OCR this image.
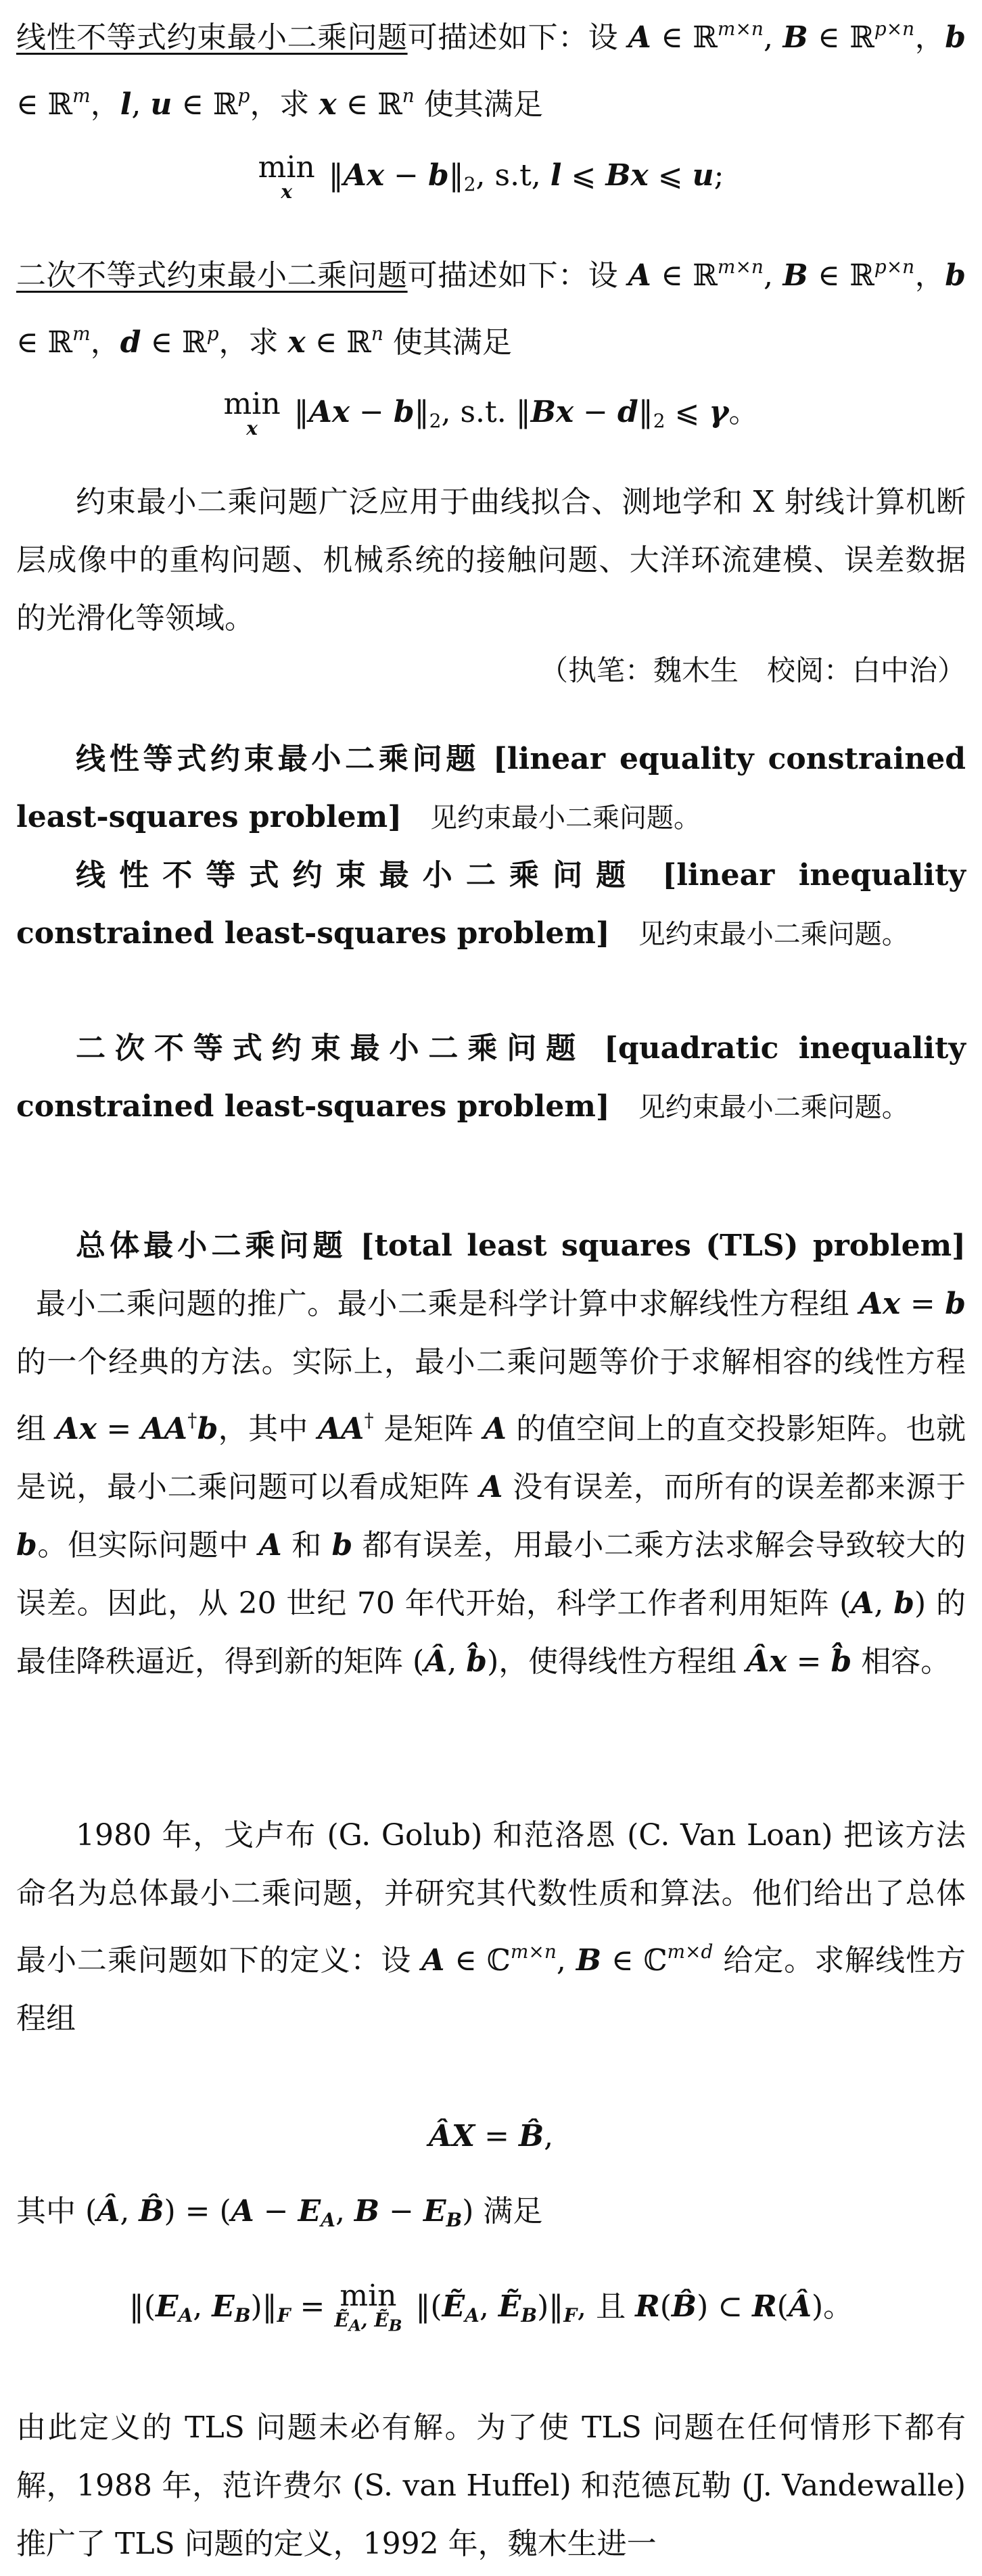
线性不等式约束最小二乘问题可描述如下：设 A ∈ ℝ$^{m\times n}$, B ∈ ℝ$^{p\times n}$，b ∈ ℝ$^m$，l, u ∈ ℝ$^p$，求 x ∈ ℝ$^n$ 使其满足

min
x ‖Ax − $b‖_2$, s.t, l ⩽ Bx ⩽ u;

二次不等式约束最小二乘问题可描述如下：设 A ∈ ℝ$^{m\times n}$, B ∈ ℝ$^{p\times n}$，b ∈ ℝ$^m$，d ∈ ℝ$^p$，求 x ∈ ℝ$^n$ 使其满足

min
x ‖Ax − $b‖_2$, s.t. ‖Bx − $d‖_2$ ⩽ γ。

约束最小二乘问题广泛应用于曲线拟合、测地学和 X 射线计算机断层成像中的重构问题、机械系统的接触问题、大洋环流建模、误差数据的光滑化等领域。

（执笔：魏木生　校阅：白中治）

线性等式约束最小二乘问题 [linear equality constrained least-squares problem] 见约束最小二乘问题。

线性不等式约束最小二乘问题 [linear inequality constrained least-squares problem] 见约束最小二乘问题。

二次不等式约束最小二乘问题 [quadratic inequality constrained least-squares problem] 见约束最小二乘问题。

总体最小二乘问题 [total least squares (TLS) problem]   最小二乘问题的推广。最小二乘是科学计算中求解线性方程组 Ax = b 的一个经典的方法。实际上，最小二乘问题等价于求解相容的线性方程组 Ax = AA†b，其中 AA† 是矩阵 A 的值空间上的直交投影矩阵。也就是说，最小二乘问题可以看成矩阵 A 没有误差，而所有的误差都来源于 b。但实际问题中 A 和 b 都有误差，用最小二乘方法求解会导致较大的误差。因此，从 20 世纪 70 年代开始，科学工作者利用矩阵 (A, b) 的最佳降秩逼近，得到新的矩阵 (Â, b̂)，使得线性方程组 Âx = b̂ 相容。

1980 年，戈卢布 (G. Golub) 和范洛恩 (C. Van Loan) 把该方法命名为总体最小二乘问题，并研究其代数性质和算法。他们给出了总体最小二乘问题如下的定义：设 A ∈ ℂ$^{m\times n}$, B ∈ ℂ$^{m\times d}$ 给定。求解线性方程组

ÂX = B̂,

其中 (Â, B̂) = ($A - E_A$, $B - E_B$) 满足

$‖(E_A$, $E_B)‖_F = \min$
Ẽ$_A$, Ẽ$_B$
‖(Ẽ$_A$, $Ẽ_B)‖_F$, 且 R(B̂) ⊂ R(Â)。

由此定义的 TLS 问题未必有解。为了使 TLS 问题在任何情形下都有解，1988 年，范许费尔 (S. van Huffel) 和范德瓦勒 (J. Vandewalle) 推广了 TLS 问题的定义，1992 年，魏木生进一
